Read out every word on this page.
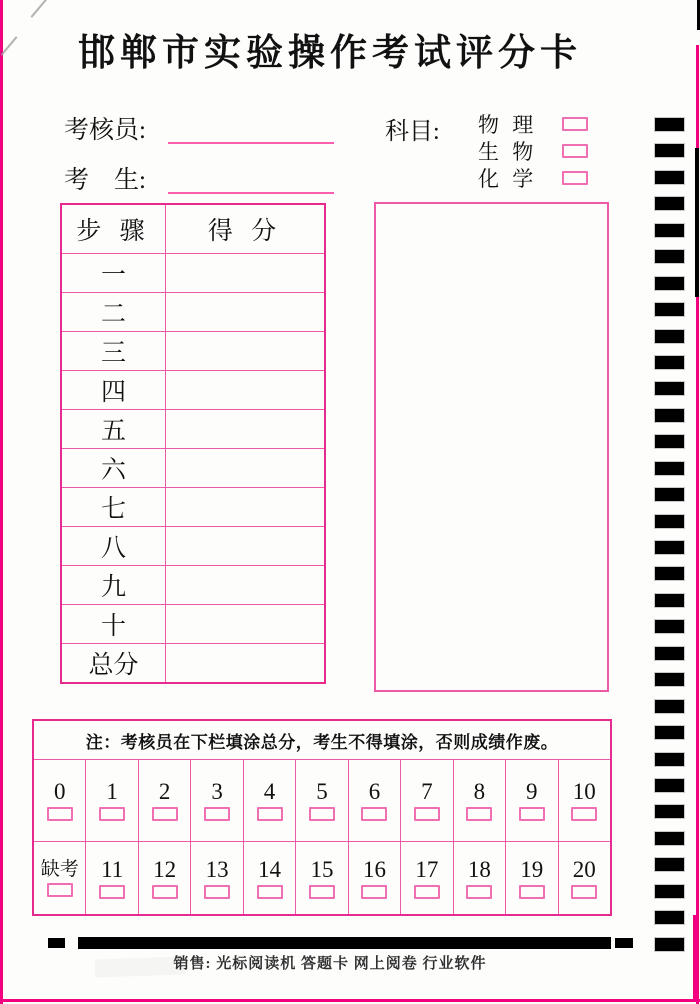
邯郸市实验操作考试评分卡
考核员:
考　生:
科目: 物 理
生 物
化 学
步 骤	得 分
一
二
三
四
五
六
七
八
九
十
总分
注：考核员在下栏填涂总分，考生不得填涂，否则成绩作废。
0 1 2 3 4 5 6 7 8 9 10
缺考 11 12 13 14 15 16 17 18 19 20
销售: 光标阅读机 答题卡 网上阅卷 行业软件
